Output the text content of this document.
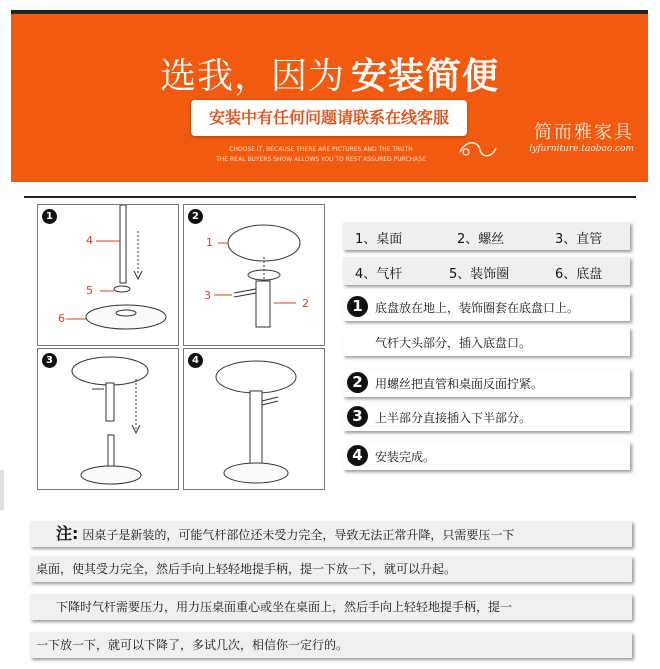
选我，因为 安装简便
安装中有任何问题请联系在线客服
CHOOSE IT, BECAUSE THERE ARE PICTURES AND THE TRUTH
THE REAL BUYERS SHOW ALLOWS YOU TO REST ASSURED PURCHASE
简而雅家具
lyfurniture.taobao.com
1
4
5
6
2
1
3
2
3	4
1、桌面	2、螺丝	3、直管
4、气杆	5、装饰圈	6、底盘
1	底盘放在地上，装饰圈套在底盘口上。
气杆大头部分，插入底盘口。
2	用螺丝把直管和桌面反面拧紧。
3	上半部分直接插入下半部分。
4	安装完成。
注: 因桌子是新装的，可能气杆部位还未受力完全，导致无法正常升降，只需要压一下
桌面，使其受力完全，然后手向上轻轻地提手柄，提一下放一下，就可以升起。
下降时气杆需要压力，用力压桌面重心或坐在桌面上，然后手向上轻轻地提手柄，提一
一下放一下，就可以下降了，多试几次，相信你一定行的。
